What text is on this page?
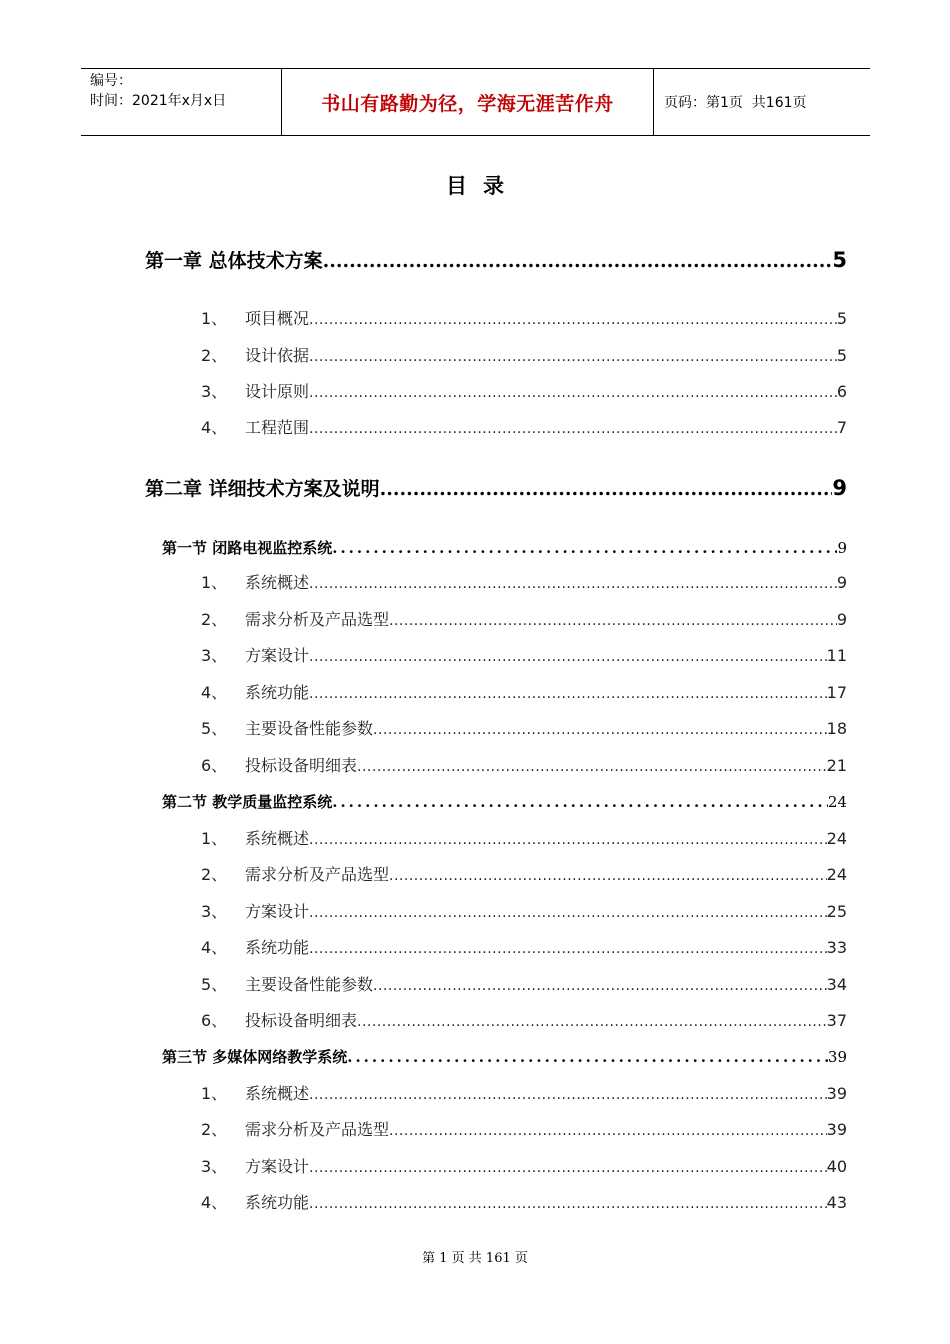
编号：
时间：2021年x月x日	书山有路勤为径，学海无涯苦作舟	页码：第1页  共161页
目录
第一章 总体技术方案 .....	5
1、	项目概况 .....	5
2、	设计依据 .....	5
3、	设计原则 .....	6
4、	工程范围 .....	7
第二章 详细技术方案及说明 .....	9
第一节 闭路电视监控系统 .....	9
1、	系统概述 .....	9
2、	需求分析及产品选型 .....	9
3、	方案设计 .....	11
4、	系统功能 .....	17
5、	主要设备性能参数 .....	18
6、	投标设备明细表 .....	21
第二节 教学质量监控系统 .....	24
1、	系统概述 .....	24
2、	需求分析及产品选型 .....	24
3、	方案设计 .....	25
4、	系统功能 .....	33
5、	主要设备性能参数 .....	34
6、	投标设备明细表 .....	37
第三节 多媒体网络教学系统 .....	39
1、	系统概述 .....	39
2、	需求分析及产品选型 .....	39
3、	方案设计 .....	40
4、	系统功能 .....	43
第 1 页 共 161 页
